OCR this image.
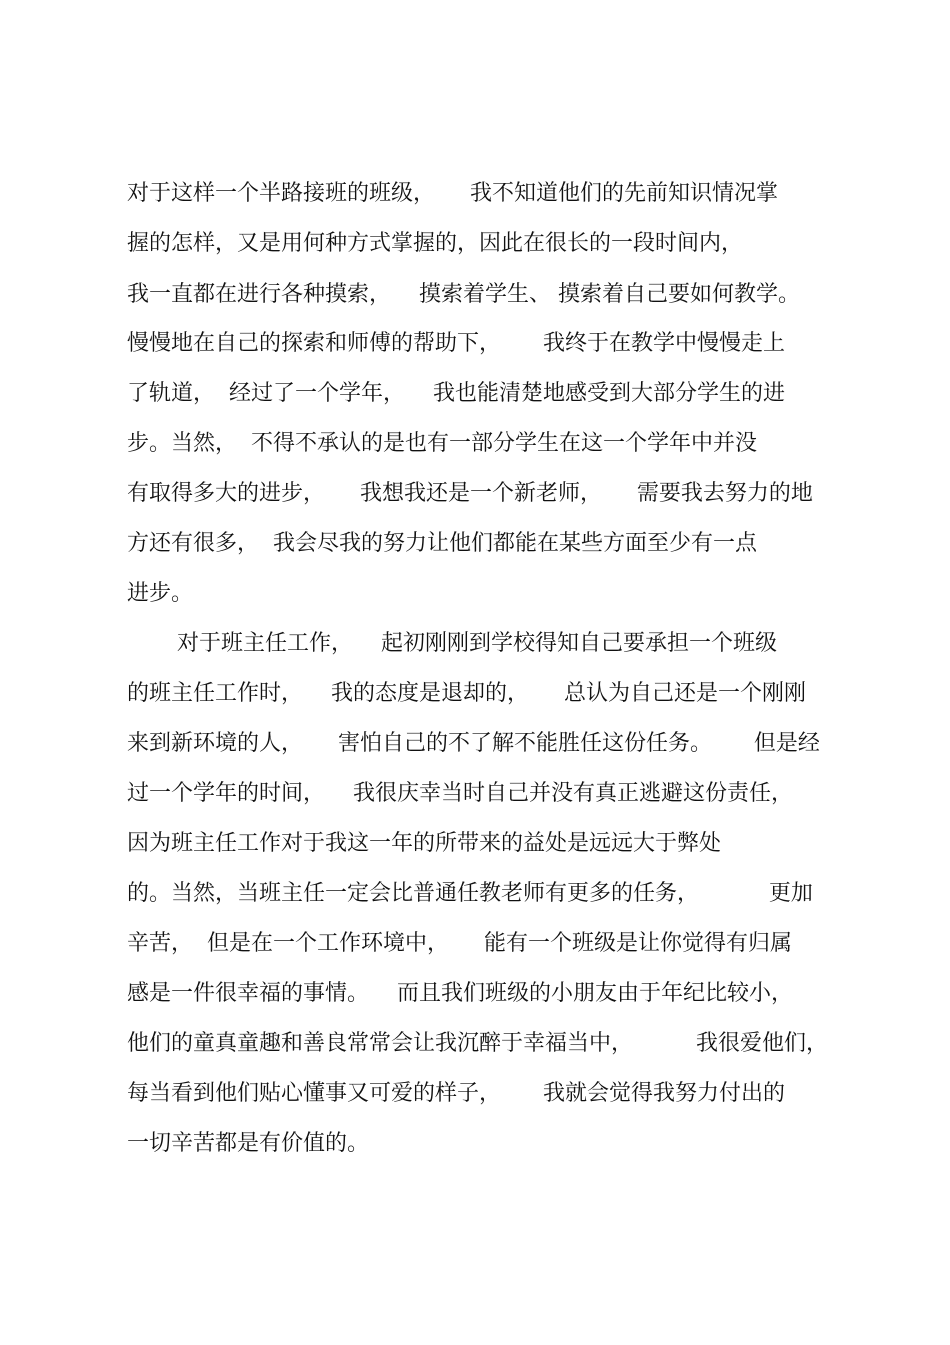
对于这样一个半路接班的班级，     我不知道他们的先前知识情况掌

握的怎样，又是用何种方式掌握的，因此在很长的一段时间内，

我一直都在进行各种摸索，    摸索着学生、 摸索着自己要如何教学。

慢慢地在自己的探索和师傅的帮助下，      我终于在教学中慢慢走上

了轨道，  经过了一个学年，    我也能清楚地感受到大部分学生的进

步。当然，  不得不承认的是也有一部分学生在这一个学年中并没

有取得多大的进步，     我想我还是一个新老师，     需要我去努力的地

方还有很多，  我会尽我的努力让他们都能在某些方面至少有一点

进步。

对于班主任工作，    起初刚刚到学校得知自己要承担一个班级

的班主任工作时，    我的态度是退却的，     总认为自己还是一个刚刚

来到新环境的人，     害怕自己的不了解不能胜任这份任务。      但是经

过一个学年的时间，    我很庆幸当时自己并没有真正逃避这份责任，

因为班主任工作对于我这一年的所带来的益处是远远大于弊处

的。当然，当班主任一定会比普通任教老师有更多的任务，          更加

辛苦，  但是在一个工作环境中，     能有一个班级是让你觉得有归属

感是一件很幸福的事情。    而且我们班级的小朋友由于年纪比较小，

他们的童真童趣和善良常常会让我沉醉于幸福当中，         我很爱他们，

每当看到他们贴心懂事又可爱的样子，      我就会觉得我努力付出的

一切辛苦都是有价值的。
